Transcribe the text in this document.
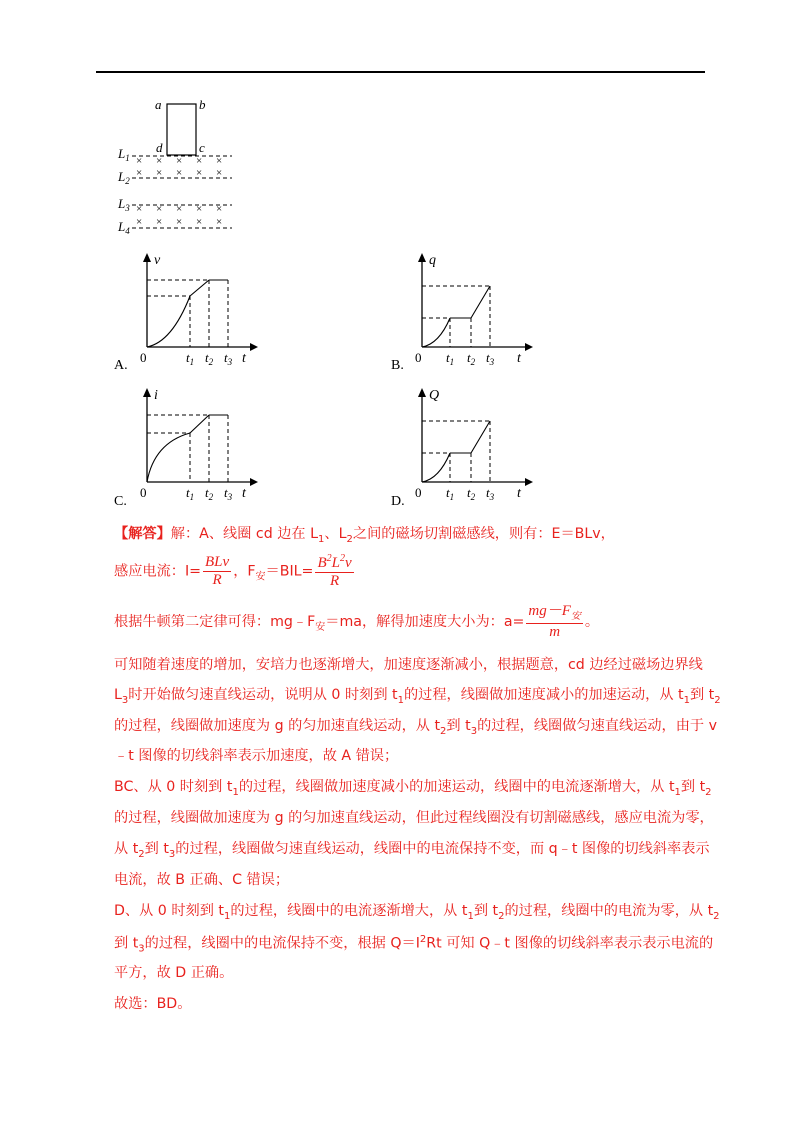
a	b
d	c
$L_1$
$L_2$
$L_3$
$L_4$
× × × × ×
× × × × ×
× × × × ×
× × × × ×
A.
v
t
0	$t_1$ $t_2$ $t_3$	B.
q
t
0 $t_1$ $t_2$ $t_3$
C.
i
t
0	$t_1$ $t_2$ $t_3$	D.
Q
t
0 $t_1$ $t_2$ $t_3$
【解答】解：A、线圈 cd 边在 $L_1$、$L_2$之间的磁场切割磁感线，则有：E＝BLv，
感应电流：$I= \frac{\text{BLv}}{R}$ ，$F_安=BIL= \frac{B^2L^2v}{R}$
根据牛顿第二定律可得：$mg﹣F_安=ma$，解得加速度大小为：$a= \frac{mg-F_安}{m}$ 。
可知随着速度的增加，安培力也逐渐增大，加速度逐渐减小，根据题意，cd 边经过磁场边界线
$L_3$时开始做匀速直线运动，说明从 0 时刻到 $t_1$的过程，线圈做加速度减小的加速运动，从 $t_1$到 $t_2$
的过程，线圈做加速度为 g 的匀加速直线运动，从 $t_2$到 $t_3$的过程，线圈做匀速直线运动，由于 v
﹣t 图像的切线斜率表示加速度，故 A 错误；
BC、从 0 时刻到 $t_1$的过程，线圈做加速度减小的加速运动，线圈中的电流逐渐增大，从 $t_1$到 $t_2$
的过程，线圈做加速度为 g 的匀加速直线运动，但此过程线圈没有切割磁感线，感应电流为零，
从 $t_2$到 $t_3$的过程，线圈做匀速直线运动，线圈中的电流保持不变，而 q﹣t 图像的切线斜率表示
电流，故 B 正确、C 错误；
D、从 0 时刻到 $t_1$的过程，线圈中的电流逐渐增大，从 $t_1$到 $t_2$的过程，线圈中的电流为零，从 $t_2$
到 $t_3$的过程，线圈中的电流保持不变，根据 $Q=I^2Rt$ 可知 Q﹣t 图像的切线斜率表示表示电流的
平方，故 D 正确。
故选：BD。
